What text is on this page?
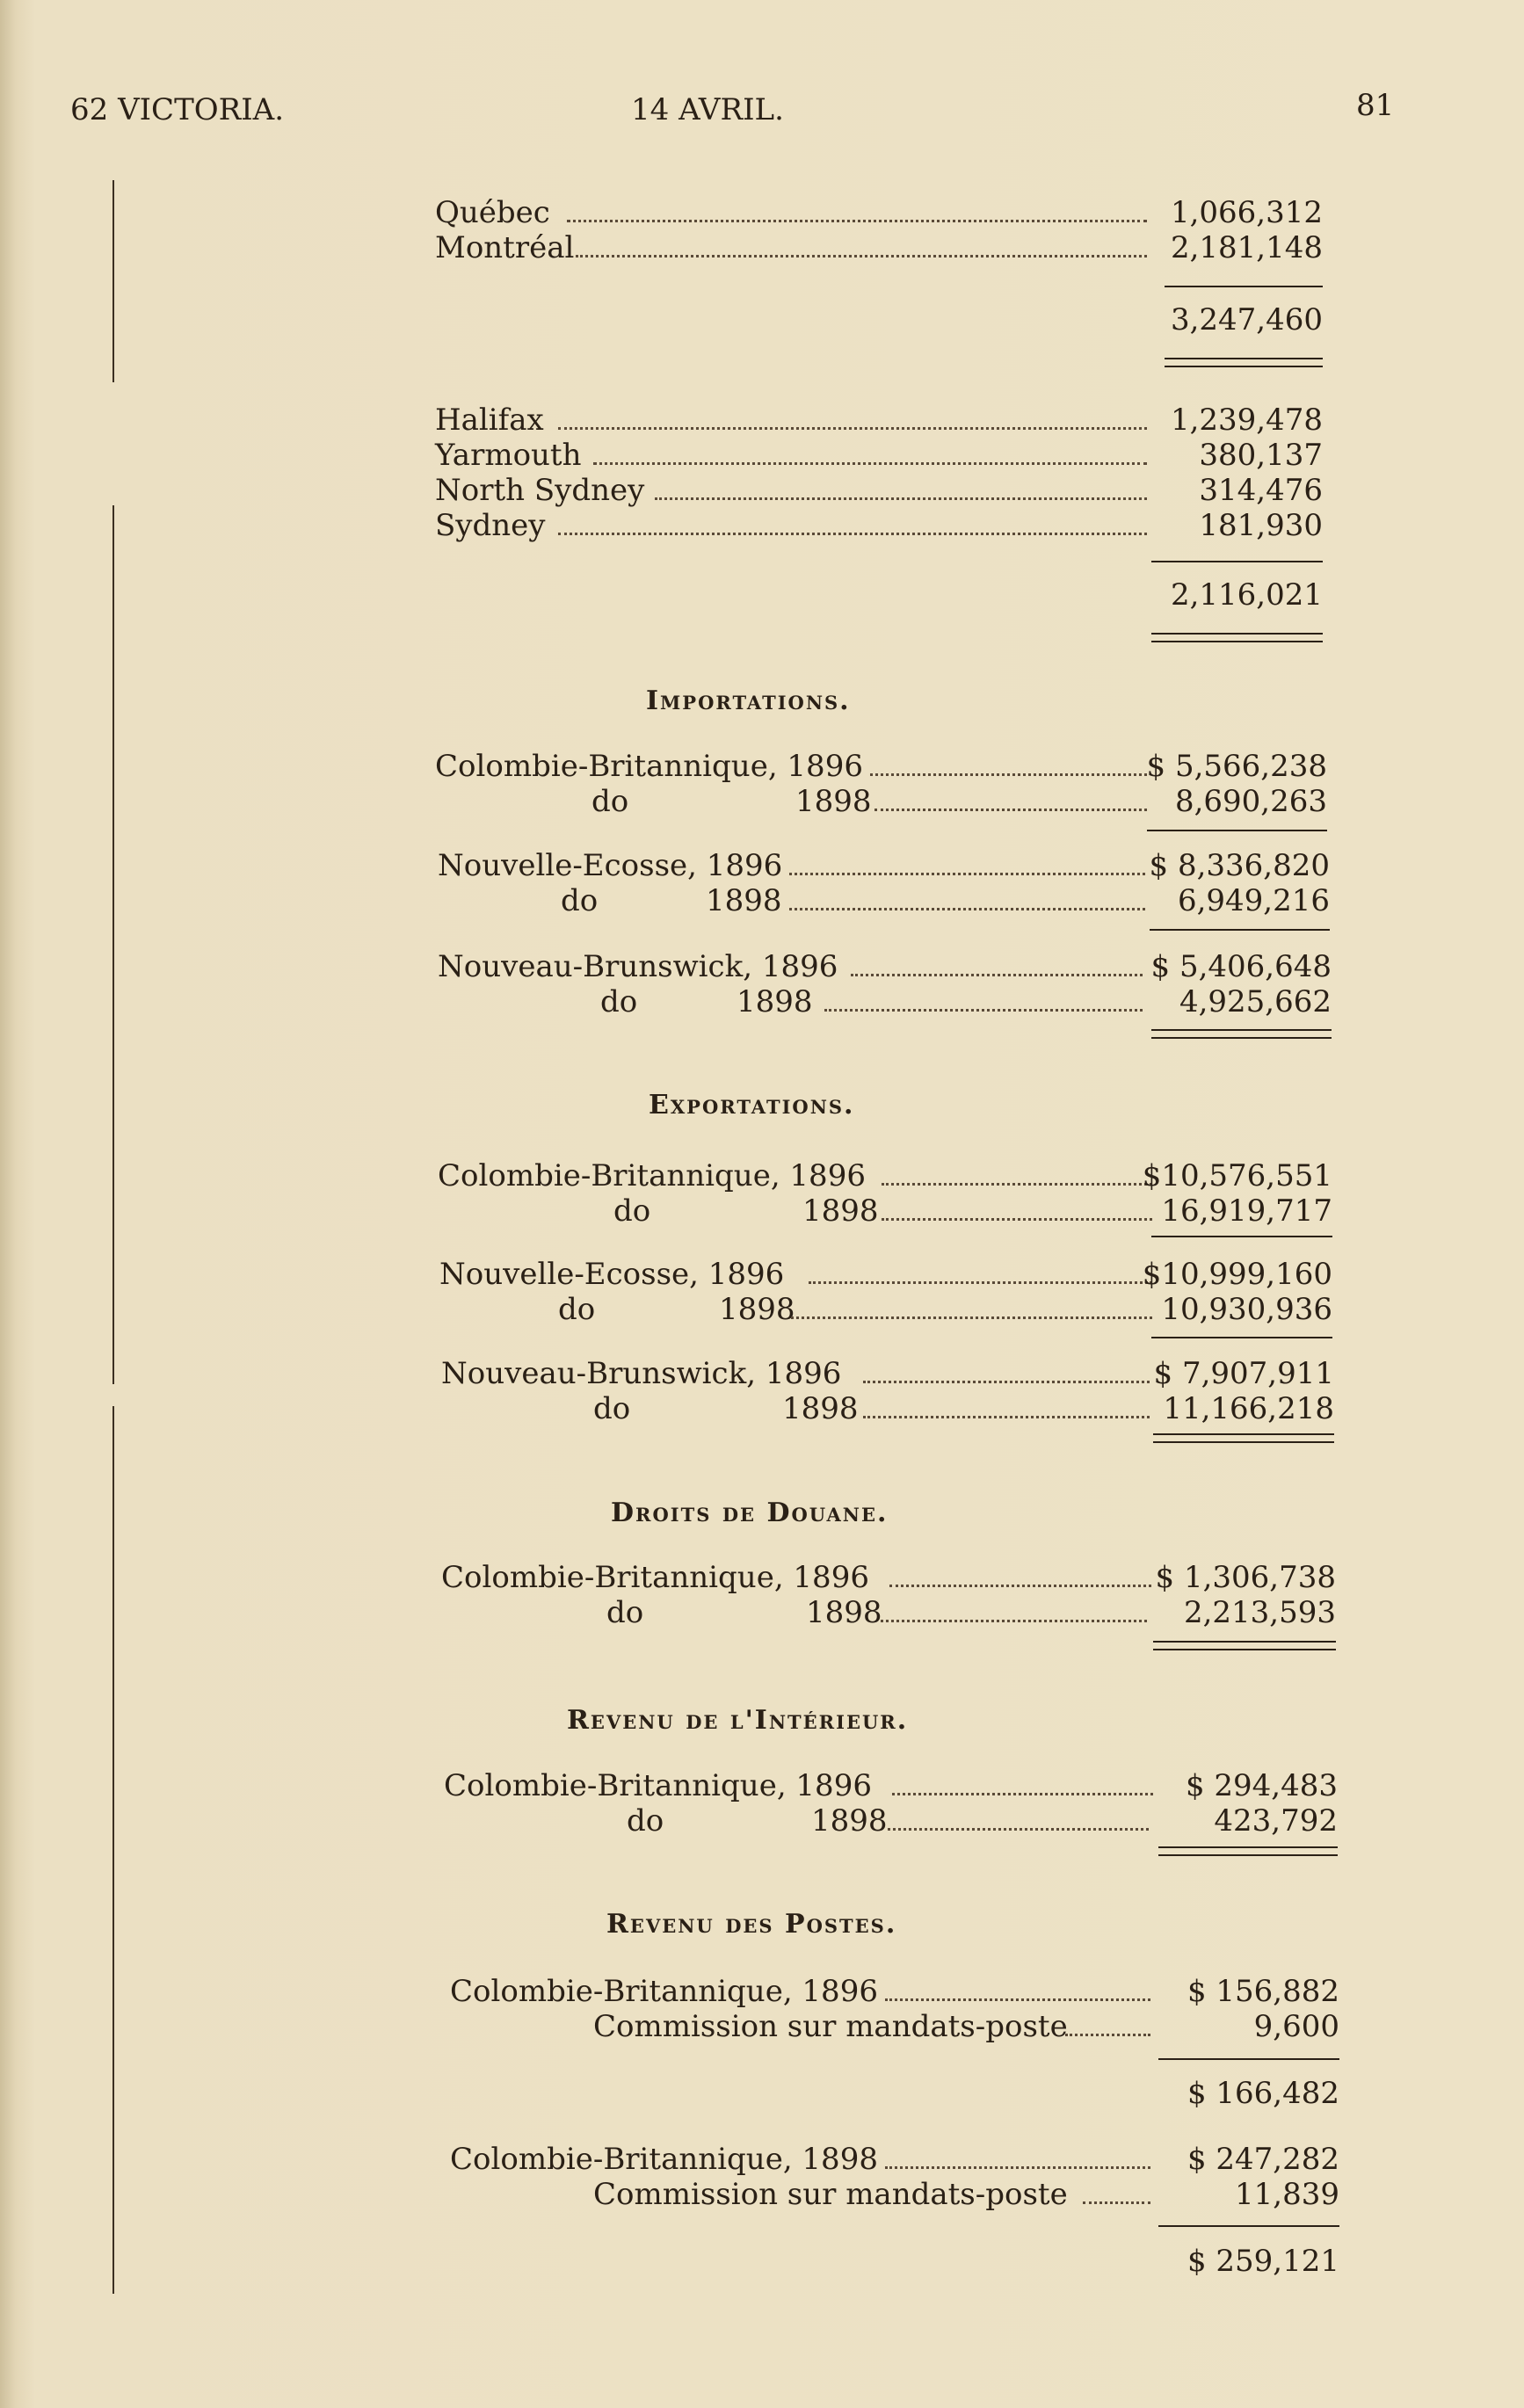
62 VICTORIA.	14 AVRIL.	81
Québec	1,066,312
Montréal	2,181,148
3,247,460
Halifax	1,239,478
Yarmouth	380,137
North Sydney	314,476
Sydney	181,930
2,116,021
Importations.
Colombie-Britannique, 1896	$ 5,566,238
do	1898	8,690,263
Nouvelle-Ecosse, 1896	$ 8,336,820
do	1898	6,949,216
Nouveau-Brunswick, 1896	$ 5,406,648
do	1898	4,925,662
Exportations.
Colombie-Britannique, 1896	$10,576,551
do	1898	16,919,717
Nouvelle-Ecosse, 1896	$10,999,160
do	1898	10,930,936
Nouveau-Brunswick, 1896	$ 7,907,911
do	1898	11,166,218
Droits de Douane.
Colombie-Britannique, 1896	$ 1,306,738
do	1898	2,213,593
Revenu de l'Intérieur.
Colombie-Britannique, 1896	$ 294,483
do	1898	423,792
Revenu des Postes.
Colombie-Britannique, 1896	$ 156,882
Commission sur mandats-poste	9,600
$ 166,482
Colombie-Britannique, 1898	$ 247,282
Commission sur mandats-poste	11,839
$ 259,121
